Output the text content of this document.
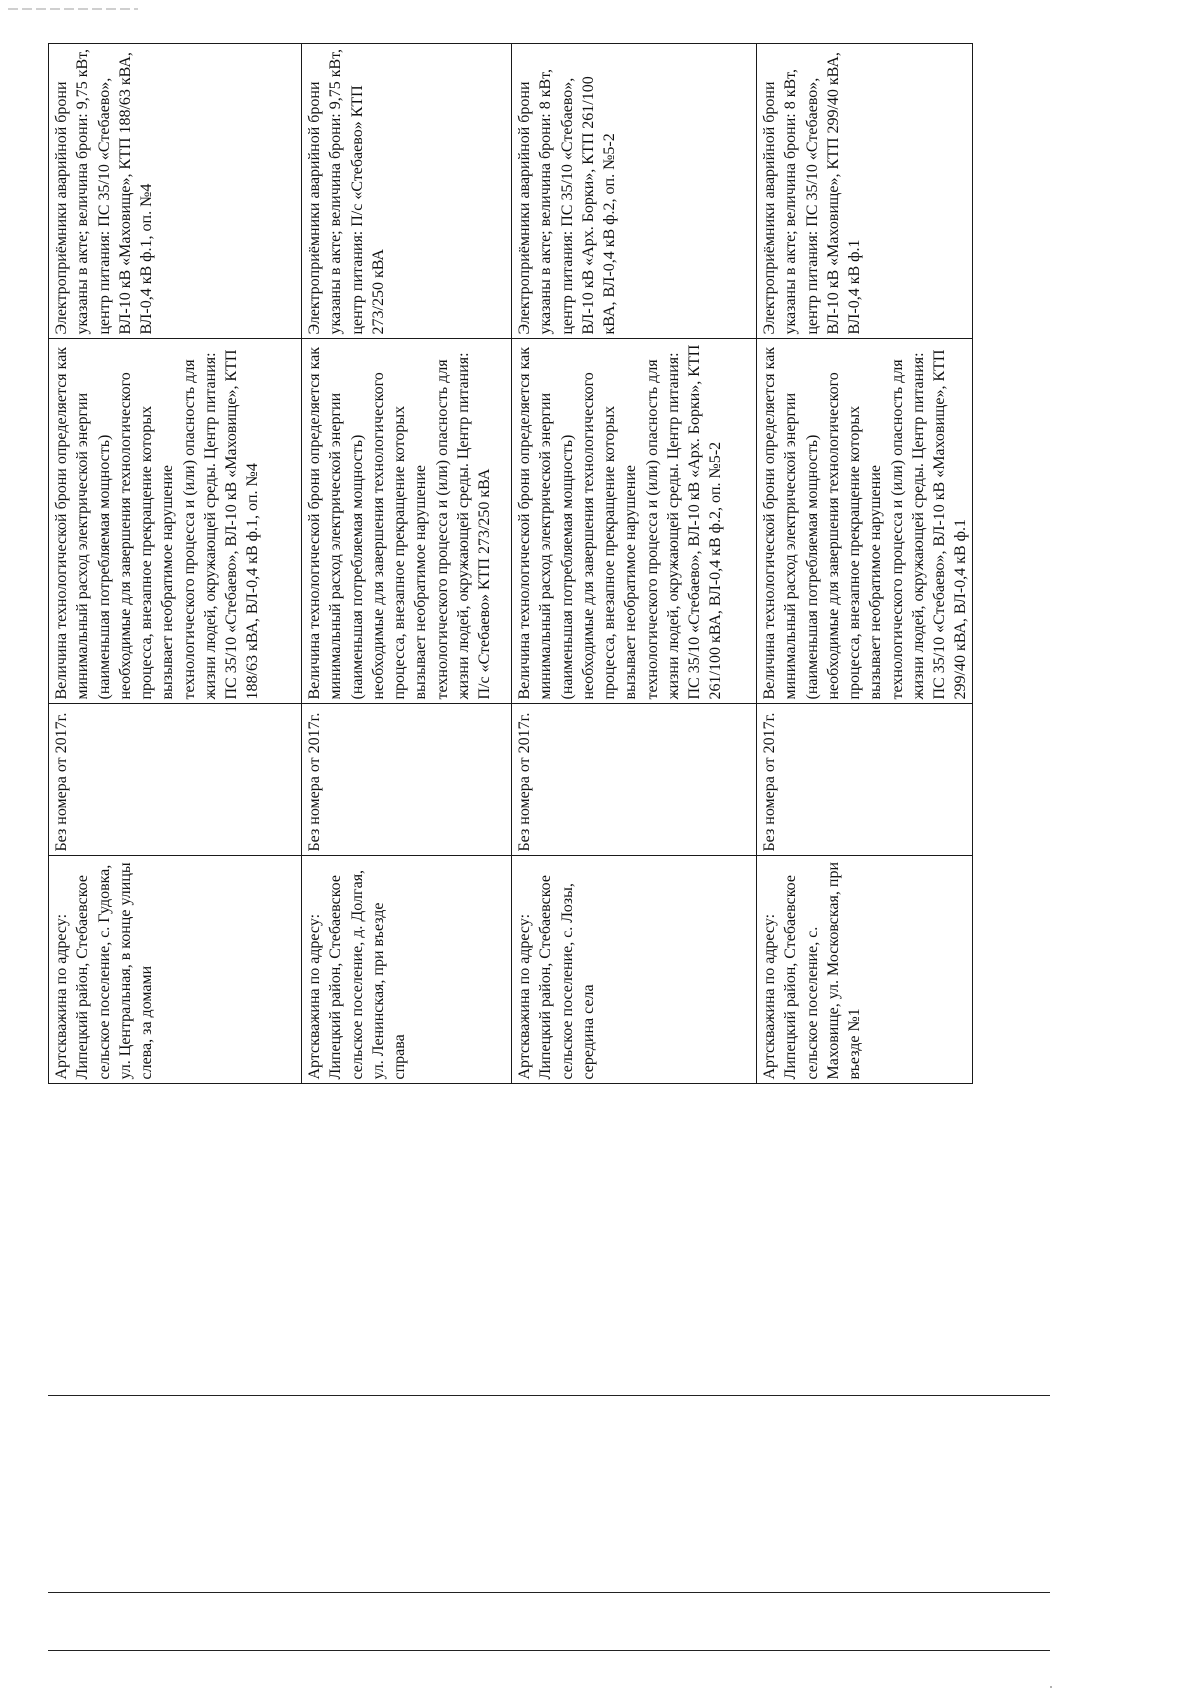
	Артскважина по адресу: Липецкий район, Стебаевское сельское поселение, с. Гудовка, ул. Центральная, в конце улицы слева, за домами	Без номера от 2017г.	Величина технологической брони определяется как минимальный расход электрической энергии (наименьшая потребляемая мощность) необходимые для завершения технологического процесса, внезапное прекращение которых вызывает необратимое нарушение технологического процесса и (или) опасность для жизни людей, окружающей среды. Центр питания: ПС 35/10 «Стебаево», ВЛ-10 кВ «Маховище», КТП 188/63 кВА, ВЛ-0,4 кВ ф.1, оп. №4	Электроприёмники аварийной брони указаны в акте; величина брони: 9,75 кВт, центр питания: ПС 35/10 «Стебаево», ВЛ-10 кВ «Маховище», КТП 188/63 кВА, ВЛ-0,4 кВ ф.1, оп. №4
	Артскважина по адресу: Липецкий район, Стебаевское сельское поселение, д. Долгая, ул. Ленинская, при въезде справа	Без номера от 2017г.	Величина технологической брони определяется как минимальный расход электрической энергии (наименьшая потребляемая мощность) необходимые для завершения технологического процесса, внезапное прекращение которых вызывает необратимое нарушение технологического процесса и (или) опасность для жизни людей, окружающей среды. Центр питания: П/с «Стебаево» КТП 273/250 кВА	Электроприёмники аварийной брони указаны в акте; величина брони: 9,75 кВт, центр питания: П/с «Стебаево» КТП 273/250 кВА
	Артскважина по адресу: Липецкий район, Стебаевское сельское поселение, с. Лозы, середина села	Без номера от 2017г.	Величина технологической брони определяется как минимальный расход электрической энергии (наименьшая потребляемая мощность) необходимые для завершения технологического процесса, внезапное прекращение которых вызывает необратимое нарушение технологического процесса и (или) опасность для жизни людей, окружающей среды. Центр питания: ПС 35/10 «Стебаево», ВЛ-10 кВ «Арх. Борки», КТП 261/100 кВА, ВЛ-0,4 кВ ф.2, оп. №5-2	Электроприёмники аварийной брони указаны в акте; величина брони: 8 кВт, центр питания: ПС 35/10 «Стебаево», ВЛ-10 кВ «Арх. Борки», КТП 261/100 кВА, ВЛ-0,4 кВ ф.2, оп. №5-2
	Артскважина по адресу: Липецкий район, Стебаевское сельское поселение, с. Маховище, ул. Московская, при въезде №1	Без номера от 2017г.	Величина технологической брони определяется как минимальный расход электрической энергии (наименьшая потребляемая мощность) необходимые для завершения технологического процесса, внезапное прекращение которых вызывает необратимое нарушение технологического процесса и (или) опасность для жизни людей, окружающей среды. Центр питания: ПС 35/10 «Стебаево», ВЛ-10 кВ «Маховище», КТП 299/40 кВА, ВЛ-0,4 кВ ф.1	Электроприёмники аварийной брони указаны в акте; величина брони: 8 кВт, центр питания: ПС 35/10 «Стебаево», ВЛ-10 кВ «Маховище», КТП 299/40 кВА, ВЛ-0,4 кВ ф.1
